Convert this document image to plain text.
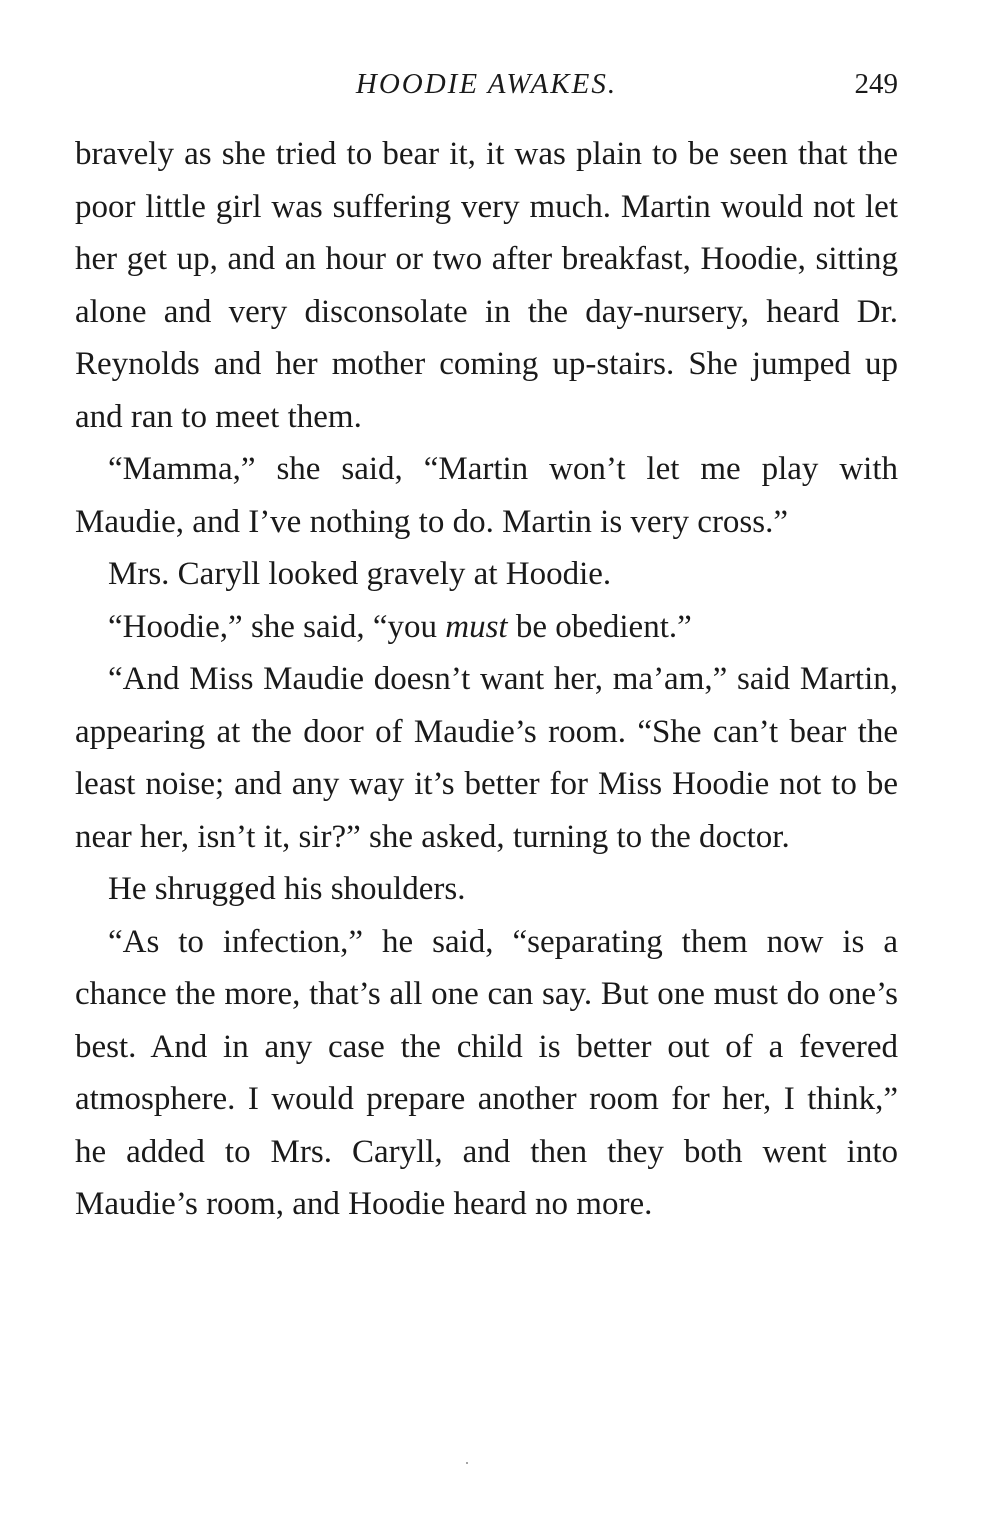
HOODIE AWAKES.	249

bravely as she tried to bear it, it was plain to be seen that the poor little girl was suffering very much. Martin would not let her get up, and an hour or two after breakfast, Hoodie, sitting alone and very disconsolate in the day-nursery, heard Dr. Reynolds and her mother coming up-stairs. She jumped up and ran to meet them.

“Mamma,” she said, “Martin won’t let me play with Maudie, and I’ve nothing to do. Martin is very cross.”

Mrs. Caryll looked gravely at Hoodie.

“Hoodie,” she said, “you must be obedient.”

“And Miss Maudie doesn’t want her, ma’am,” said Martin, appearing at the door of Maudie’s room. “She can’t bear the least noise; and any way it’s better for Miss Hoodie not to be near her, isn’t it, sir?” she asked, turning to the doctor.

He shrugged his shoulders.

“As to infection,” he said, “separating them now is a chance the more, that’s all one can say. But one must do one’s best. And in any case the child is better out of a fevered atmosphere. I would prepare another room for her, I think,” he added to Mrs. Caryll, and then they both went into Maudie’s room, and Hoodie heard no more.
